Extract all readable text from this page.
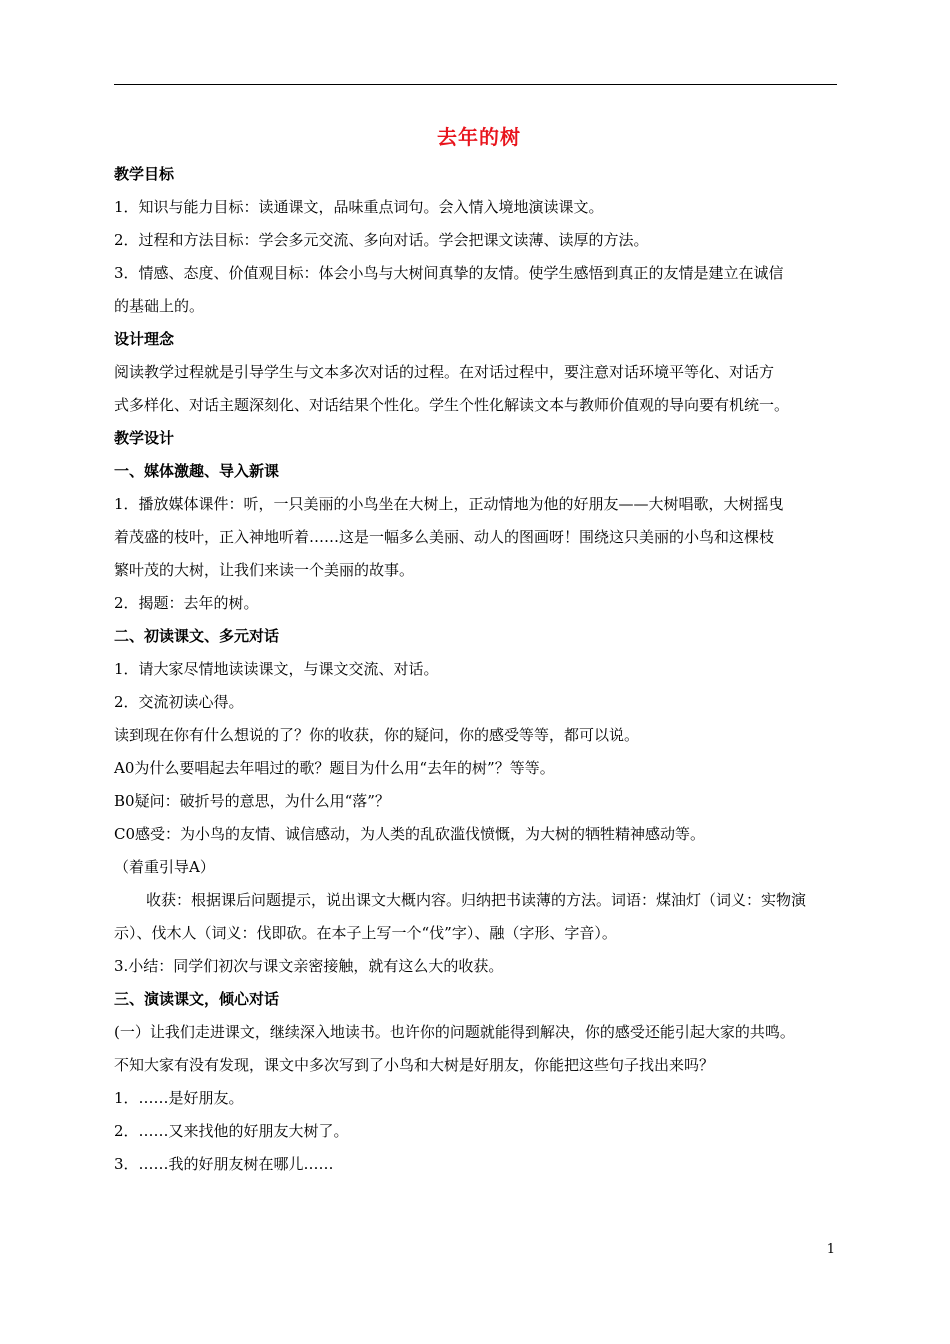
去年的树
教学目标
1．知识与能力目标：读通课文，品味重点词句。会入情入境地演读课文。
2．过程和方法目标：学会多元交流、多向对话。学会把课文读薄、读厚的方法。
3．情感、态度、价值观目标：体会小鸟与大树间真挚的友情。使学生感悟到真正的友情是建立在诚信
的基础上的。
设计理念
阅读教学过程就是引导学生与文本多次对话的过程。在对话过程中，要注意对话环境平等化、对话方
式多样化、对话主题深刻化、对话结果个性化。学生个性化解读文本与教师价值观的导向要有机统一。
教学设计
一、媒体激趣、导入新课
1．播放媒体课件：听，一只美丽的小鸟坐在大树上，正动情地为他的好朋友——大树唱歌，大树摇曳
着茂盛的枝叶，正入神地听着……这是一幅多么美丽、动人的图画呀！围绕这只美丽的小鸟和这棵枝
繁叶茂的大树，让我们来读一个美丽的故事。
2．揭题：去年的树。
二、初读课文、多元对话
1．请大家尽情地读读课文，与课文交流、对话。
2．交流初读心得。
读到现在你有什么想说的了？你的收获，你的疑问，你的感受等等，都可以说。
A0为什么要唱起去年唱过的歌？题目为什么用“去年的树”？等等。
B0疑问：破折号的意思，为什么用“落”？
C0感受：为小鸟的友情、诚信感动，为人类的乱砍滥伐愤慨，为大树的牺牲精神感动等。
（着重引导A）
收获：根据课后问题提示，说出课文大概内容。归纳把书读薄的方法。词语：煤油灯（词义：实物演
示）、伐木人（词义：伐即砍。在本子上写一个“伐”字）、融（字形、字音）。
3.小结：同学们初次与课文亲密接触，就有这么大的收获。
三、演读课文，倾心对话
(一）让我们走进课文，继续深入地读书。也许你的问题就能得到解决，你的感受还能引起大家的共鸣。
不知大家有没有发现，课文中多次写到了小鸟和大树是好朋友，你能把这些句子找出来吗？
1．……是好朋友。
2．……又来找他的好朋友大树了。
3．……我的好朋友树在哪儿……
1
